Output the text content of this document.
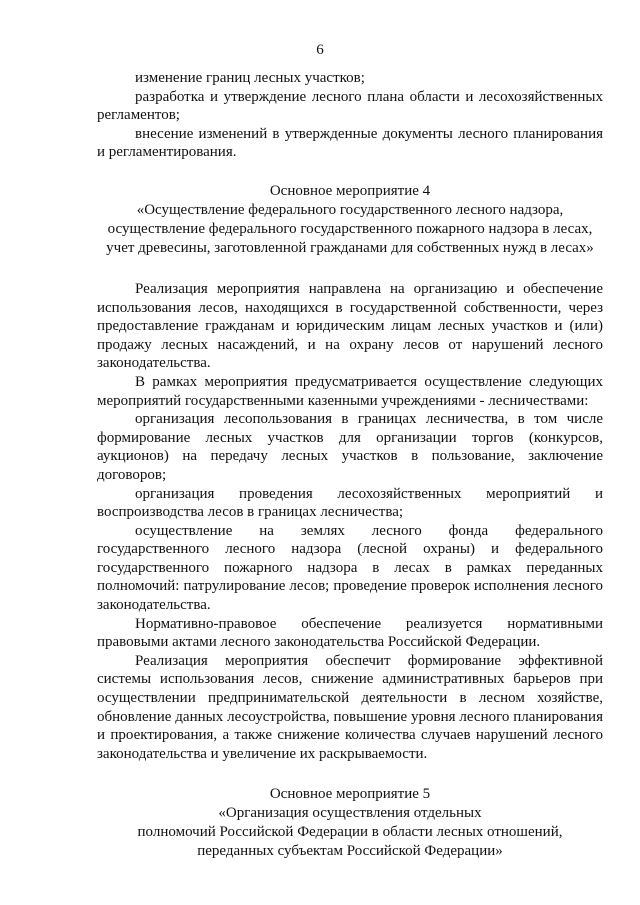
6

изменение границ лесных участков;

разработка и утверждение лесного плана области и лесохозяйственных регламентов;

внесение изменений в утвержденные документы лесного планирования и регламентирования.

Основное мероприятие 4
«Осуществление федерального государственного лесного надзора,
осуществление федерального государственного пожарного надзора в лесах,
учет древесины, заготовленной гражданами для собственных нужд в лесах»

Реализация мероприятия направлена на организацию и обеспечение использования лесов, находящихся в государственной собственности, через предоставление гражданам и юридическим лицам лесных участков и (или) продажу лесных насаждений, и на охрану лесов от нарушений лесного законодательства.

В рамках мероприятия предусматривается осуществление следующих мероприятий государственными казенными учреждениями - лесничествами:

организация лесопользования в границах лесничества, в том числе формирование лесных участков для организации торгов (конкурсов, аукционов) на передачу лесных участков в пользование, заключение договоров;

организация проведения лесохозяйственных мероприятий и воспроизводства лесов в границах лесничества;

осуществление на землях лесного фонда федерального государственного лесного надзора (лесной охраны) и федерального государственного пожарного надзора в лесах в рамках переданных полномочий: патрулирование лесов; проведение проверок исполнения лесного законодательства.

Нормативно-правовое обеспечение реализуется нормативными правовыми актами лесного законодательства Российской Федерации.

Реализация мероприятия обеспечит формирование эффективной системы использования лесов, снижение административных барьеров при осуществлении предпринимательской деятельности в лесном хозяйстве, обновление данных лесоустройства, повышение уровня лесного планирования и проектирования, а также снижение количества случаев нарушений лесного законодательства и увеличение их раскрываемости.

Основное мероприятие 5
«Организация осуществления отдельных
полномочий Российской Федерации в области лесных отношений,
переданных субъектам Российской Федерации»
